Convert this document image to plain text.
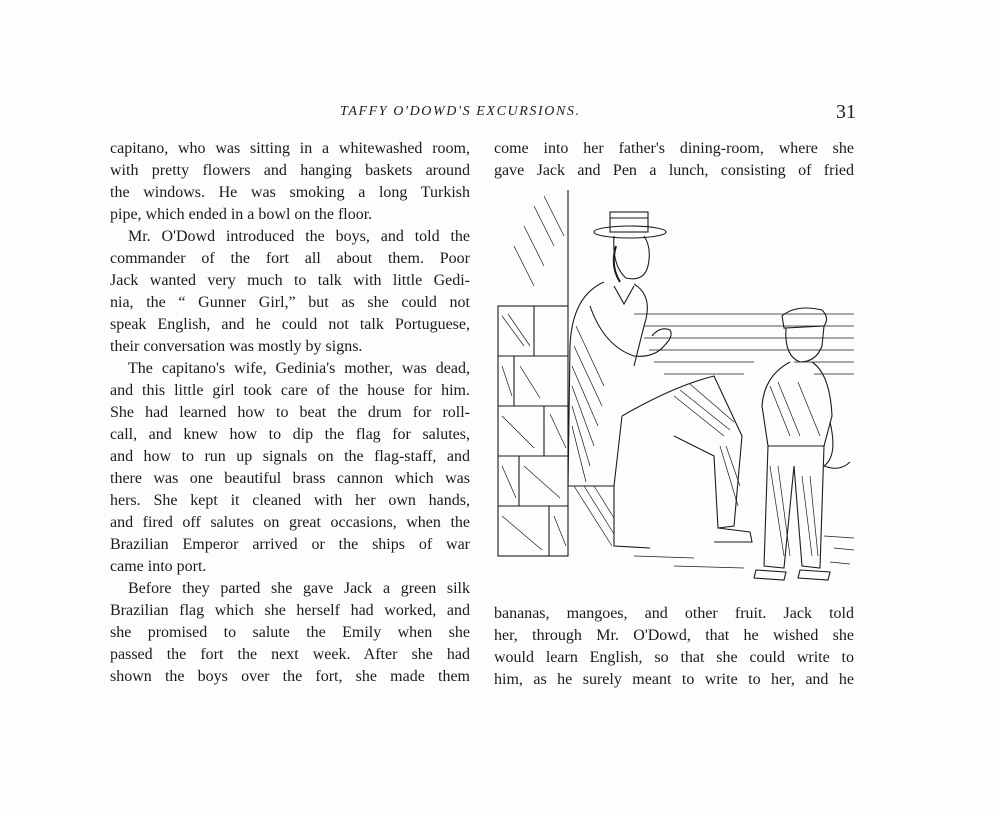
TAFFY O'DOWD'S EXCURSIONS.	31
capitano, who was sitting in a whitewashed room,
with pretty flowers and hanging baskets around
the windows. He was smoking a long Turkish
pipe, which ended in a bowl on the floor.
Mr. O'Dowd introduced the boys, and told the
commander of the fort all about them. Poor
Jack wanted very much to talk with little Gedi-
nia, the “ Gunner Girl,” but as she could not
speak English, and he could not talk Portuguese,
their conversation was mostly by signs.
The capitano's wife, Gedinia's mother, was dead,
and this little girl took care of the house for him.
She had learned how to beat the drum for roll-
call, and knew how to dip the flag for salutes,
and how to run up signals on the flag-staff, and
there was one beautiful brass cannon which was
hers. She kept it cleaned with her own hands,
and fired off salutes on great occasions, when the
Brazilian Emperor arrived or the ships of war
came into port.
Before they parted she gave Jack a green silk
Brazilian flag which she herself had worked, and
she promised to salute the Emily when she
passed the fort the next week. After she had
shown the boys over the fort, she made them
come into her father's dining-room, where she
gave Jack and Pen a lunch, consisting of fried
bananas, mangoes, and other fruit. Jack told
her, through Mr. O'Dowd, that he wished she
would learn English, so that she could write to
him, as he surely meant to write to her, and he
